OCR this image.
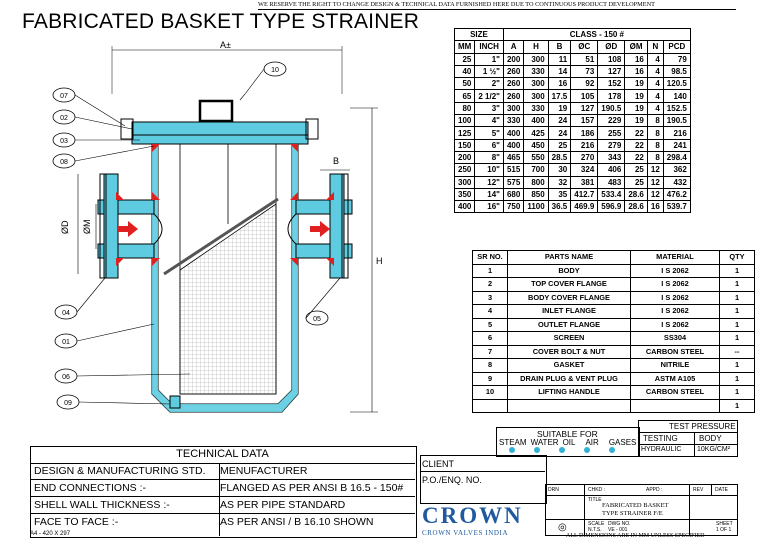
WE RESERVE THE RIGHT TO CHANGE DESIGN & TECHNICAL DATA FURNISHED HERE DUE TO CONTINUOUS PRODUCT DEVELOPMENT
FABRICATED BASKET TYPE STRAINER
10
07
02
03
08
04
01
06
09
05
A±
B
H
ØD ØM
SIZE		CLASS - 150 #							
MM	INCH	A	H	B	ØC	ØD	ØM	N	PCD
25	1"	200	300	11	51	108	16	4	79
40	1 ½"	260	330	14	73	127	16	4	98.5
50	2"	260	300	16	92	152	19	4	120.5
65	2 1/2"	260	300	17.5	105	178	19	4	140
80	3"	300	330	19	127	190.5	19	4	152.5
100	4"	330	400	24	157	229	19	8	190.5
125	5"	400	425	24	186	255	22	8	216
150	6"	400	450	25	216	279	22	8	241
200	8"	465	550	28.5	270	343	22	8	298.4
250	10"	515	700	30	324	406	25	12	362
300	12"	575	800	32	381	483	25	12	432
350	14"	680	850	35	412.7	533.4	28.6	12	476.2
400	16"	750	1100	36.5	469.9	596.9	28.6	16	539.7
SR NO.	PARTS NAME	MATERIAL	QTY
1	BODY	I S 2062	1
2	TOP COVER FLANGE	I S 2062	1
3	BODY COVER FLANGE	I S 2062	1
4	INLET FLANGE	I S 2062	1
5	OUTLET FLANGE	I S 2062	1
6	SCREEN	SS304	1
7	COVER BOLT & NUT	CARBON STEEL	--
8	GASKET	NITRILE	1
9	DRAIN PLUG & VENT PLUG	ASTM A105	1
10	LIFTING HANDLE	CARBON STEEL	1
			1
TECHNICAL DATA
DESIGN & MANUFACTURING STD. MENUFACTURER
END CONNECTIONS :-	FLANGED AS PER ANSI B 16.5 - 150#
SHELL WALL THICKNESS :-	AS PER PIPE STANDARD
FACE TO FACE :-	AS PER ANSI / B 16.10 SHOWN
A4 - 420 X 297
CLIENT
P.O./ENQ. NO.
SUITABLE FOR
STEAM WATER OIL AIR GASES
TEST PRESSURE
TESTING	BODY
HYDRAULIC 10KG/CM²
CROWN
CROWN VALVES INDIA
DRN	CHKD :	APPD :	REV DATE
TITLE
FABRICATED BASKET
TYPE STRAINER F/E
◎	SCALE
N.T.S.
DWG NO.
VE - 001
SHEET
1 OF 1
ALL DIMENSIONS ARE IN MM UNLESS SPECIFIED
